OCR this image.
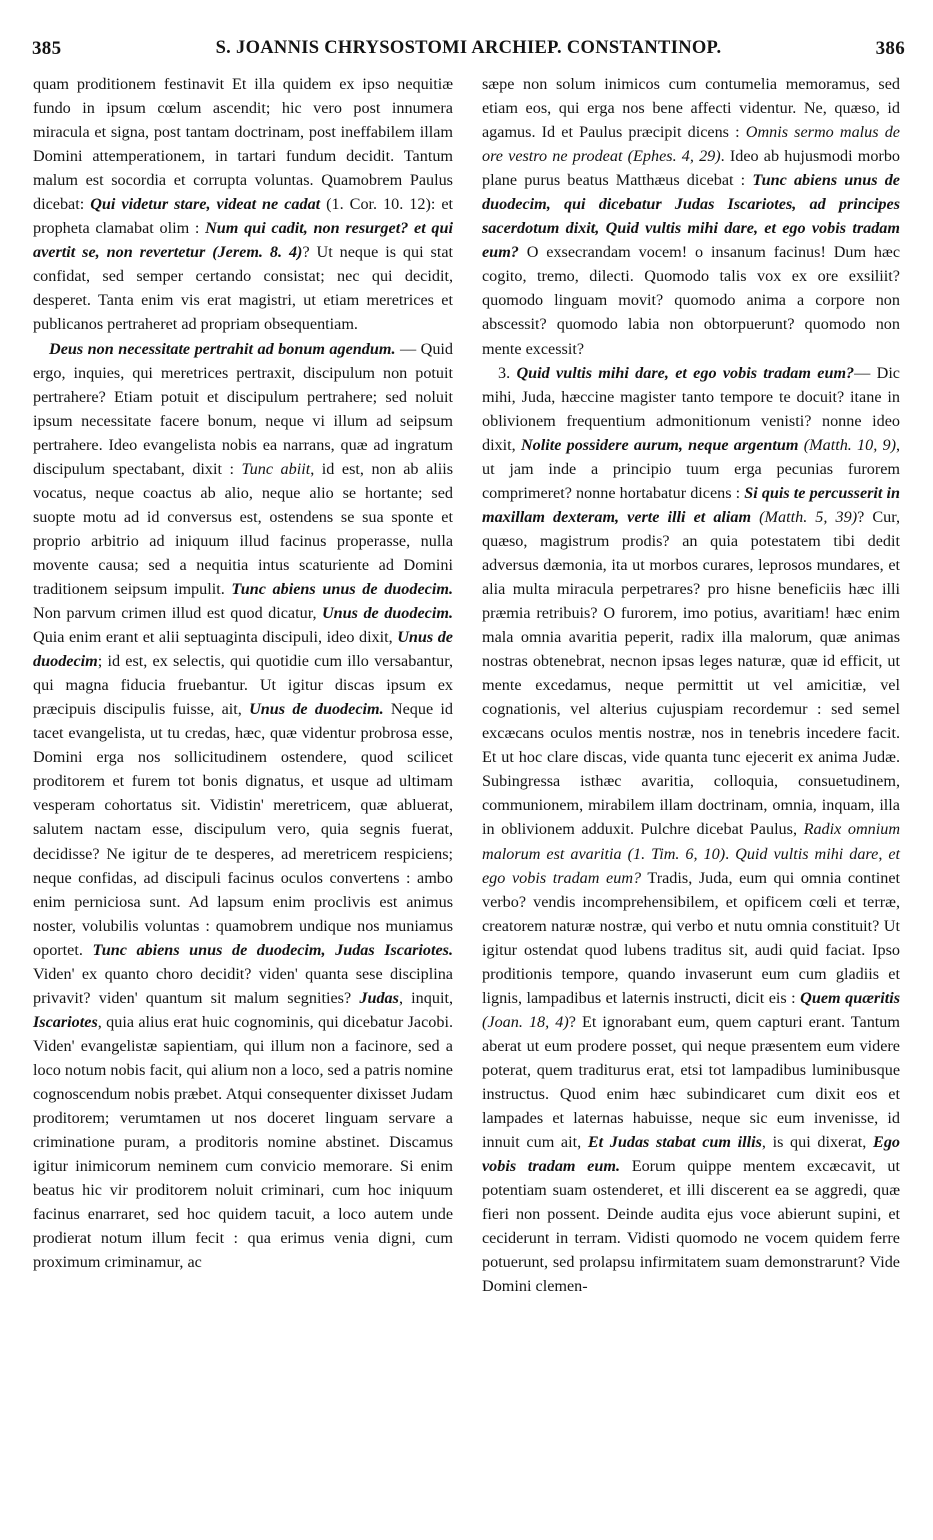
385	S. JOANNIS CHRYSOSTOMI ARCHIEP. CONSTANTINOP.	386

quam proditionem festinavit Et illa quidem ex ipso nequitiæ fundo in ipsum cœlum ascendit; hic vero post innumera miracula et signa, post tantam doctrinam, post ineffabilem illam Domini attemperationem, in tartari fundum decidit. Tantum malum est socordia et corrupta voluntas. Quamobrem Paulus dicebat: Qui videtur stare, videat ne cadat (1. Cor. 10. 12): et propheta clamabat olim : Num qui cadit, non resurget? et qui avertit se, non revertetur (Jerem. 8. 4)? Ut neque is qui stat confidat, sed semper certando consistat; nec qui decidit, desperet. Tanta enim vis erat magistri, ut etiam meretrices et publicanos pertraheret ad propriam obsequentiam.

Deus non necessitate pertrahit ad bonum agendum. — Quid ergo, inquies, qui meretrices pertraxit, discipulum non potuit pertrahere? Etiam potuit et discipulum pertrahere; sed noluit ipsum necessitate facere bonum, neque vi illum ad seipsum pertrahere. Ideo evangelista nobis ea narrans, quæ ad ingratum discipulum spectabant, dixit : Tunc abiit, id est, non ab aliis vocatus, neque coactus ab alio, neque alio se hortante; sed suopte motu ad id conversus est, ostendens se sua sponte et proprio arbitrio ad iniquum illud facinus properasse, nulla movente causa; sed a nequitia intus scaturiente ad Domini traditionem seipsum impulit. Tunc abiens unus de duodecim. Non parvum crimen illud est quod dicatur, Unus de duodecim. Quia enim erant et alii septuaginta discipuli, ideo dixit, Unus de duodecim; id est, ex selectis, qui quotidie cum illo versabantur, qui magna fiducia fruebantur. Ut igitur discas ipsum ex præcipuis discipulis fuisse, ait, Unus de duodecim. Neque id tacet evangelista, ut tu credas, hæc, quæ videntur probrosa esse, Domini erga nos sollicitudinem ostendere, quod scilicet proditorem et furem tot bonis dignatus, et usque ad ultimam vesperam cohortatus sit. Vidistin' meretricem, quæ abluerat, salutem nactam esse, discipulum vero, quia segnis fuerat, decidisse? Ne igitur de te desperes, ad meretricem respiciens; neque confidas, ad discipuli facinus oculos convertens : ambo enim perniciosa sunt. Ad lapsum enim proclivis est animus noster, volubilis voluntas : quamobrem undique nos muniamus oportet. Tunc abiens unus de duodecim, Judas Iscariotes. Viden' ex quanto choro decidit? viden' quanta sese disciplina privavit? viden' quantum sit malum segnities? Judas, inquit, Iscariotes, quia alius erat huic cognominis, qui dicebatur Jacobi. Viden' evangelistæ sapientiam, qui illum non a facinore, sed a loco notum nobis facit, qui alium non a loco, sed a patris nomine cognoscendum nobis præbet. Atqui consequenter dixisset Judam proditorem; verumtamen ut nos doceret linguam servare a criminatione puram, a proditoris nomine abstinet. Discamus igitur inimicorum neminem cum convicio memorare. Si enim beatus hic vir proditorem noluit criminari, cum hoc iniquum facinus enarraret, sed hoc quidem tacuit, a loco autem unde prodierat notum illum fecit : qua erimus venia digni, cum proximum criminamur, ac

sæpe non solum inimicos cum contumelia memoramus, sed etiam eos, qui erga nos bene affecti videntur. Ne, quæso, id agamus. Id et Paulus præcipit dicens : Omnis sermo malus de ore vestro ne prodeat (Ephes. 4, 29). Ideo ab hujusmodi morbo plane purus beatus Matthæus dicebat : Tunc abiens unus de duodecim, qui dicebatur Judas Iscariotes, ad principes sacerdotum dixit, Quid vultis mihi dare, et ego vobis tradam eum? O exsecrandam vocem! o insanum facinus! Dum hæc cogito, tremo, dilecti. Quomodo talis vox ex ore exsiliit? quomodo linguam movit? quomodo anima a corpore non abscessit? quomodo labia non obtorpuerunt? quomodo non mente excessit?

3. Quid vultis mihi dare, et ego vobis tradam eum?— Dic mihi, Juda, hæccine magister tanto tempore te docuit? itane in oblivionem frequentium admonitionum venisti? nonne ideo dixit, Nolite possidere aurum, neque argentum (Matth. 10, 9), ut jam inde a principio tuum erga pecunias furorem comprimeret? nonne hortabatur dicens : Si quis te percusserit in maxillam dexteram, verte illi et aliam (Matth. 5, 39)? Cur, quæso, magistrum prodis? an quia potestatem tibi dedit adversus dæmonia, ita ut morbos curares, leprosos mundares, et alia multa miracula perpetrares? pro hisne beneficiis hæc illi præmia retribuis? O furorem, imo potius, avaritiam! hæc enim mala omnia avaritia peperit, radix illa malorum, quæ animas nostras obtenebrat, necnon ipsas leges naturæ, quæ id efficit, ut mente excedamus, neque permittit ut vel amicitiæ, vel cognationis, vel alterius cujuspiam recordemur : sed semel excæcans oculos mentis nostræ, nos in tenebris incedere facit. Et ut hoc clare discas, vide quanta tunc ejecerit ex anima Judæ. Subingressa isthæc avaritia, colloquia, consuetudinem, communionem, mirabilem illam doctrinam, omnia, inquam, illa in oblivionem adduxit. Pulchre dicebat Paulus, Radix omnium malorum est avaritia (1. Tim. 6, 10). Quid vultis mihi dare, et ego vobis tradam eum? Tradis, Juda, eum qui omnia continet verbo? vendis incomprehensibilem, et opificem cœli et terræ, creatorem naturæ nostræ, qui verbo et nutu omnia constituit? Ut igitur ostendat quod lubens traditus sit, audi quid faciat. Ipso proditionis tempore, quando invaserunt eum cum gladiis et lignis, lampadibus et laternis instructi, dicit eis : Quem quæritis (Joan. 18, 4)? Et ignorabant eum, quem capturi erant. Tantum aberat ut eum prodere posset, qui neque præsentem eum videre poterat, quem traditurus erat, etsi tot lampadibus luminibusque instructus. Quod enim hæc subindicaret cum dixit eos et lampades et laternas habuisse, neque sic eum invenisse, id innuit cum ait, Et Judas stabat cum illis, is qui dixerat, Ego vobis tradam eum. Eorum quippe mentem excæcavit, ut potentiam suam ostenderet, et illi discerent ea se aggredi, quæ fieri non possent. Deinde audita ejus voce abierunt supini, et ceciderunt in terram. Vidisti quomodo ne vocem quidem ferre potuerunt, sed prolapsu infirmitatem suam demonstrarunt? Vide Domini clemen-
